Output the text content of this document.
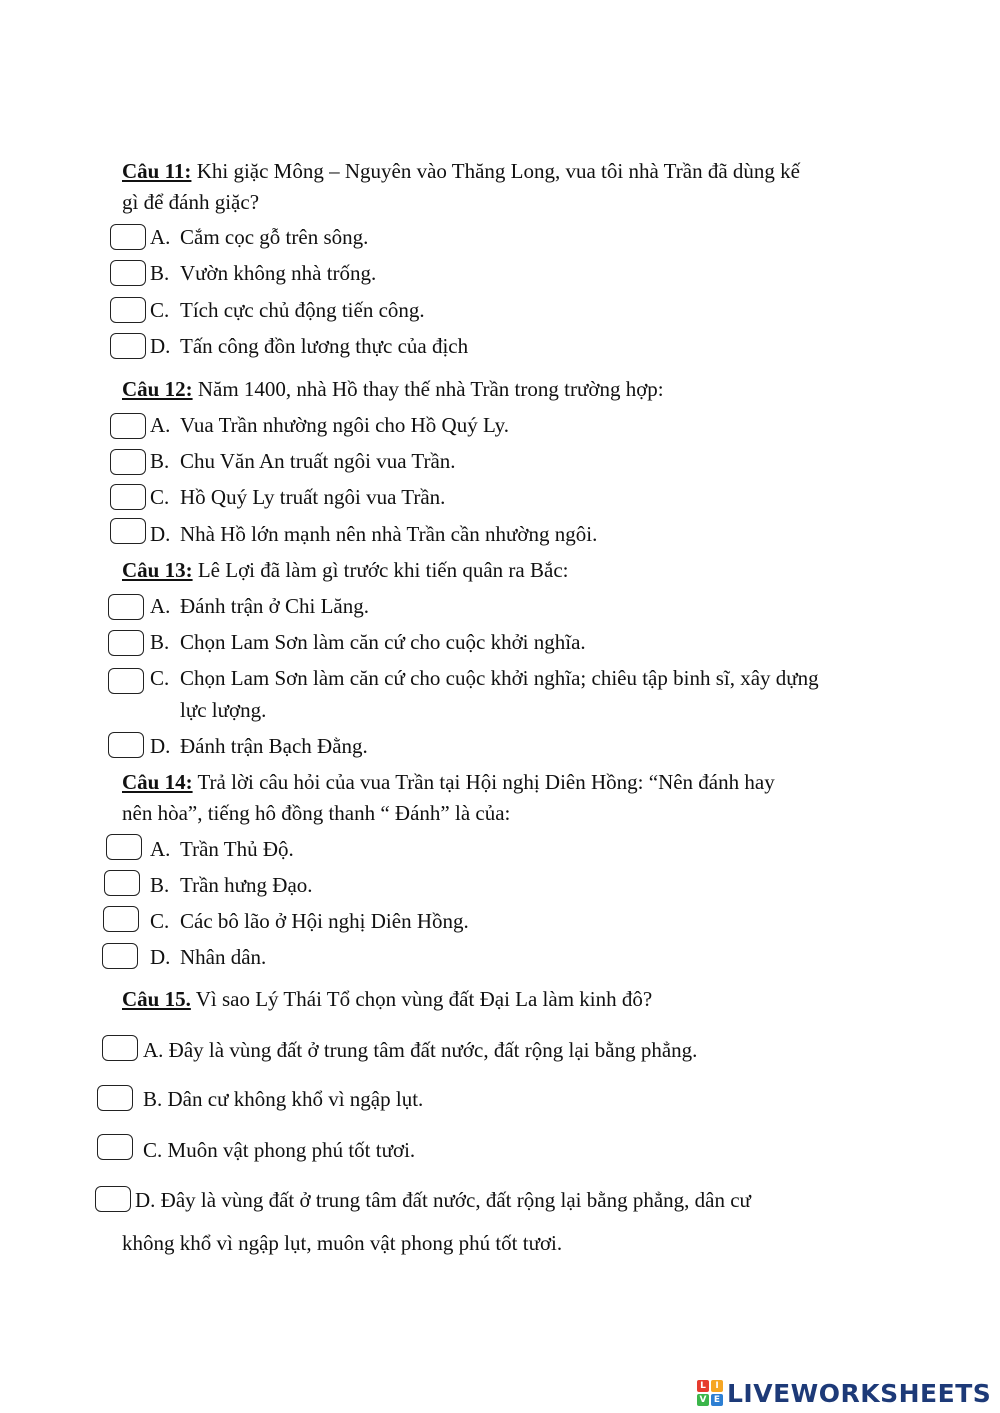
Câu 11: Khi giặc Mông – Nguyên vào Thăng Long, vua tôi nhà Trần đã dùng kế
gì để đánh giặc?
A. Cắm cọc gỗ trên sông.
B. Vườn không nhà trống.
C. Tích cực chủ động tiến công.
D. Tấn công đồn lương thực của địch
Câu 12: Năm 1400, nhà Hồ thay thế nhà Trần trong trường hợp:
A. Vua Trần nhường ngôi cho Hồ Quý Ly.
B. Chu Văn An truất ngôi vua Trần.
C. Hồ Quý Ly truất ngôi vua Trần.
D. Nhà Hồ lớn mạnh nên nhà Trần cần nhường ngôi.
Câu 13: Lê Lợi đã làm gì trước khi tiến quân ra Bắc:
A. Đánh trận ở Chi Lăng.
B. Chọn Lam Sơn làm căn cứ cho cuộc khởi nghĩa.
C. Chọn Lam Sơn làm căn cứ cho cuộc khởi nghĩa; chiêu tập binh sĩ, xây dựng
lực lượng.
D. Đánh trận Bạch Đằng.
Câu 14: Trả lời câu hỏi của vua Trần tại Hội nghị Diên Hồng: “Nên đánh hay
nên hòa”, tiếng hô đồng thanh “ Đánh” là của:
A. Trần Thủ Độ.
B. Trần hưng Đạo.
C. Các bô lão ở Hội nghị Diên Hồng.
D. Nhân dân.
Câu 15. Vì sao Lý Thái Tổ chọn vùng đất Đại La làm kinh đô?
A. Đây là vùng đất ở trung tâm đất nước, đất rộng lại bằng phẳng.
B. Dân cư không khổ vì ngập lụt.
C. Muôn vật phong phú tốt tươi.
D. Đây là vùng đất ở trung tâm đất nước, đất rộng lại bằng phẳng, dân cư
không khổ vì ngập lụt, muôn vật phong phú tốt tươi.
L	I
V E LIVEWORKSHEETS
